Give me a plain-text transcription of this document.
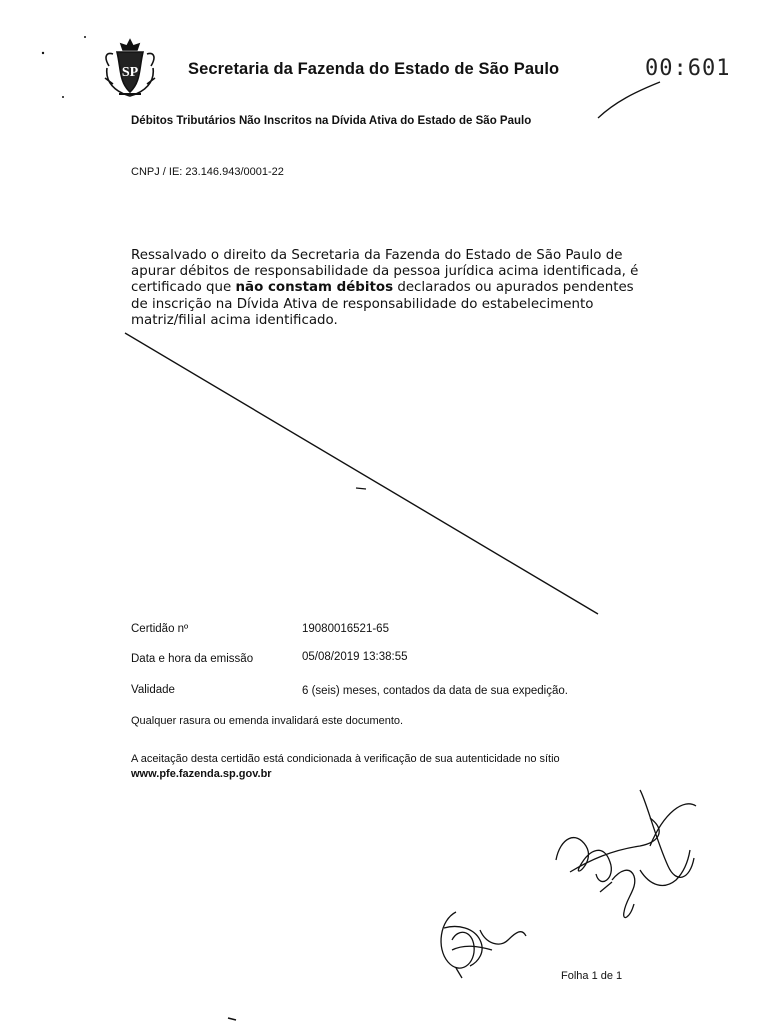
SP	Secretaria da Fazenda do Estado de São Paulo	00:601
Débitos Tributários Não Inscritos na Dívida Ativa do Estado de São Paulo
CNPJ / IE: 23.146.943/0001-22
Ressalvado o direito da Secretaria da Fazenda do Estado de São Paulo de apurar débitos de responsabilidade da pessoa jurídica acima identificada, é certificado que não constam débitos declarados ou apurados pendentes de inscrição na Dívida Ativa de responsabilidade do estabelecimento matriz/filial acima identificado.
Certidão nº	19080016521-65
Data e hora da emissão	05/08/2019 13:38:55
Validade	6 (seis) meses, contados da data de sua expedição.
Qualquer rasura ou emenda invalidará este documento.
A aceitação desta certidão está condicionada à verificação de sua autenticidade no sítio
www.pfe.fazenda.sp.gov.br
Folha 1 de 1
